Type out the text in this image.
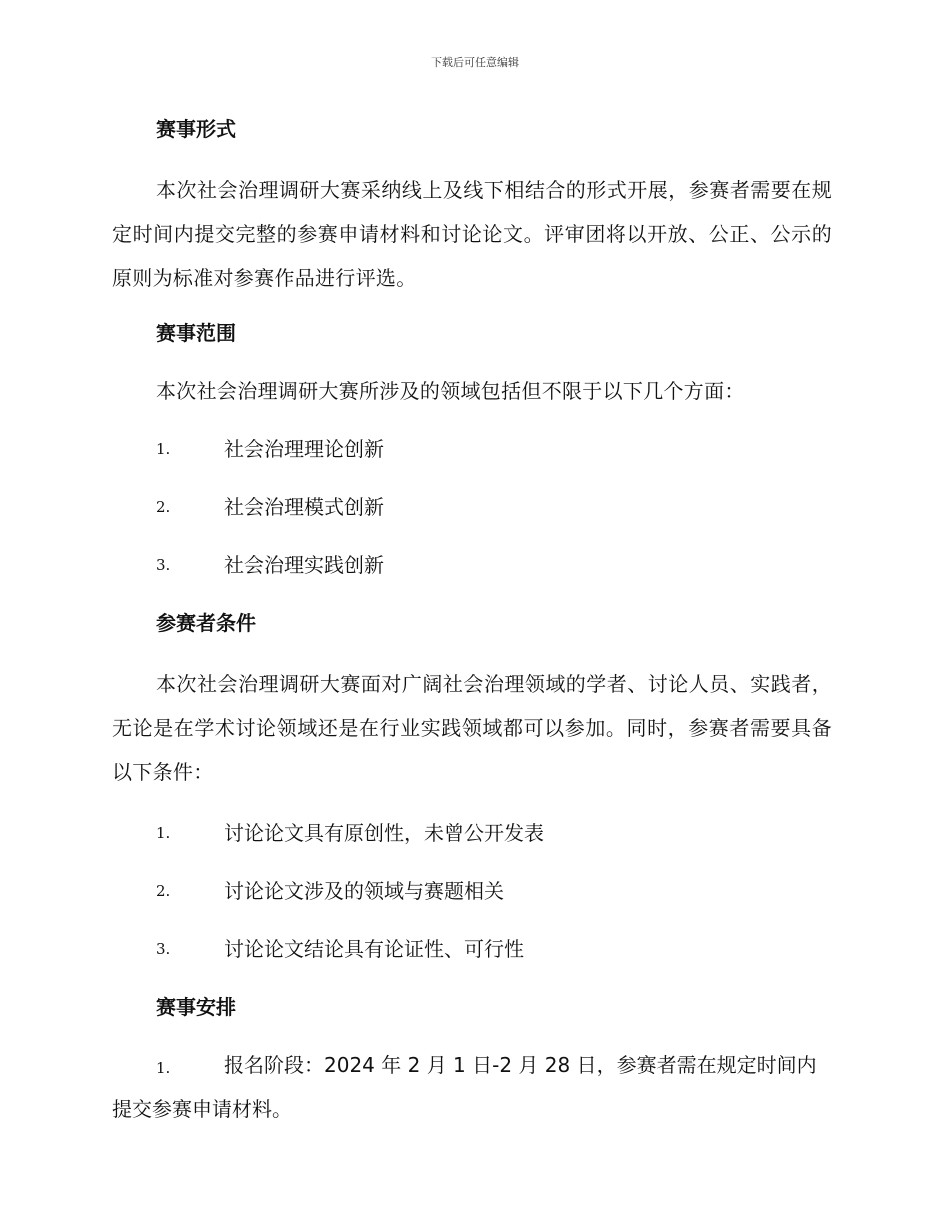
下载后可任意编辑
赛事形式

本次社会治理调研大赛采纳线上及线下相结合的形式开展，参赛者需要在规定时间内提交完整的参赛申请材料和讨论论文。评审团将以开放、公正、公示的原则为标准对参赛作品进行评选。

赛事范围

本次社会治理调研大赛所涉及的领域包括但不限于以下几个方面：

1.	社会治理理论创新
2.	社会治理模式创新
3.	社会治理实践创新
参赛者条件

本次社会治理调研大赛面对广阔社会治理领域的学者、讨论人员、实践者，无论是在学术讨论领域还是在行业实践领域都可以参加。同时，参赛者需要具备以下条件：

1.	讨论论文具有原创性，未曾公开发表
2.	讨论论文涉及的领域与赛题相关
3.	讨论论文结论具有论证性、可行性
赛事安排
1.	报名阶段：2024 年 2 月 1 日-2 月 28 日，参赛者需在规定时间内提交参赛申请材料。
